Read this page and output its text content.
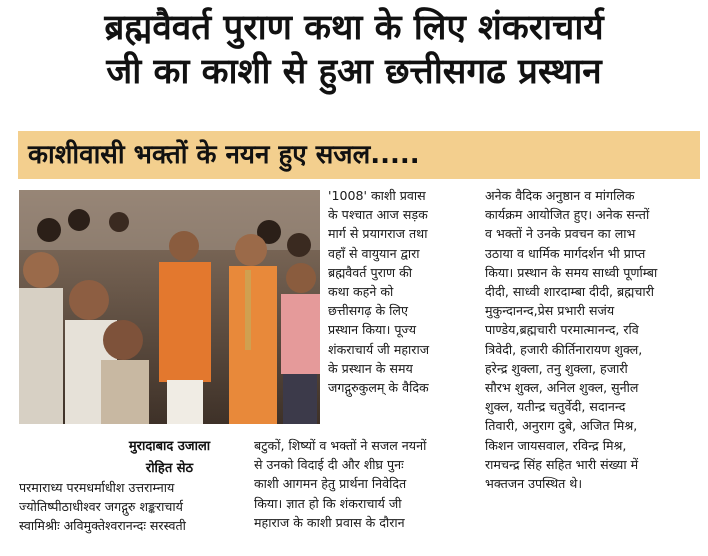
ब्रह्मवैवर्त पुराण कथा के लिए शंकराचार्य
जी का काशी से हुआ छत्तीसगढ प्रस्थान
काशीवासी भक्तों के नयन हुए सजल.....
मुरादाबाद उजाला
रोहित सेठ
परमाराध्य परमधर्माधीश उत्तराम्नाय
ज्योतिष्पीठाधीश्वर जगद्गुरु शङ्कराचार्य
स्वामिश्रीः अविमुक्तेश्वरानन्दः सरस्वती
'1008' काशी प्रवास
के पश्चात आज सड़क
मार्ग से प्रयागराज तथा
वहाँ से वायुयान द्वारा
ब्रह्मवैवर्त पुराण की
कथा कहने को
छत्तीसगढ़ के लिए
प्रस्थान किया। पूज्य
शंकराचार्य जी महाराज
के प्रस्थान के समय
जगद्गुरुकुलम् के वैदिक
बटुकों, शिष्यों व भक्तों ने सजल नयनों
से उनको विदाई दी और शीघ्र पुनः
काशी आगमन हेतु प्रार्थना निवेदित
किया। ज्ञात हो कि शंकराचार्य जी
महाराज के काशी प्रवास के दौरान
अनेक वैदिक अनुष्ठान व मांगलिक
कार्यक्रम आयोजित हुए। अनेक सन्तों
व भक्तों ने उनके प्रवचन का लाभ
उठाया व धार्मिक मार्गदर्शन भी प्राप्त
किया। प्रस्थान के समय साध्वी पूर्णाम्बा
दीदी, साध्वी शारदाम्बा दीदी, ब्रह्मचारी
मुकुन्दानन्द,प्रेस प्रभारी सजंय
पाण्डेय,ब्रह्मचारी परमात्मानन्द, रवि
त्रिवेदी, हजारी कीर्तिनारायण शुक्ल,
हरेन्द्र शुक्ला, तनु शुक्ला, हजारी
सौरभ शुक्ल, अनिल शुक्ल, सुनील
शुक्ल, यतीन्द्र चतुर्वेदी, सदानन्द
तिवारी, अनुराग दुबे, अजित मिश्र,
किशन जायसवाल, रविन्द्र मिश्र,
रामचन्द्र सिंह सहित भारी संख्या में
भक्तजन उपस्थित थे।
